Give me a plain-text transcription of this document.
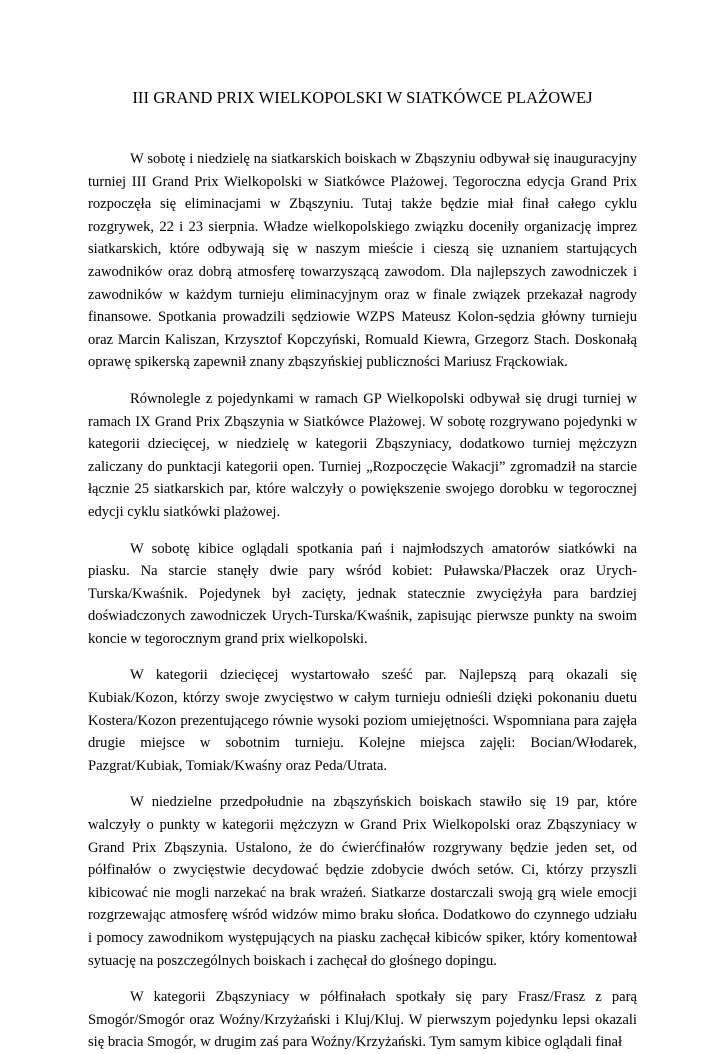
III GRAND PRIX WIELKOPOLSKI W SIATKÓWCE PLAŻOWEJ

W sobotę i niedzielę na siatkarskich boiskach w Zbąszyniu odbywał się inauguracyjny turniej III Grand Prix Wielkopolski w Siatkówce Plażowej. Tegoroczna edycja Grand Prix rozpoczęła się eliminacjami w Zbąszyniu. Tutaj także będzie miał finał całego cyklu rozgrywek, 22 i 23 sierpnia. Władze wielkopolskiego związku doceniły organizację imprez siatkarskich, które odbywają się w naszym mieście i cieszą się uznaniem startujących zawodników oraz dobrą atmosferę towarzyszącą zawodom. Dla najlepszych zawodniczek i zawodników w każdym turnieju eliminacyjnym oraz w finale związek przekazał nagrody finansowe. Spotkania prowadzili sędziowie WZPS Mateusz Kolon-sędzia główny turnieju oraz Marcin Kaliszan, Krzysztof Kopczyński, Romuald Kiewra, Grzegorz Stach. Doskonałą oprawę spikerską zapewnił znany zbąszyńskiej publiczności Mariusz Frąckowiak.

Równolegle z pojedynkami w ramach GP Wielkopolski odbywał się drugi turniej w ramach IX Grand Prix Zbąszynia w Siatkówce Plażowej. W sobotę rozgrywano pojedynki w kategorii dziecięcej, w niedzielę w kategorii Zbąszyniacy, dodatkowo turniej mężczyzn zaliczany do punktacji kategorii open. Turniej „Rozpoczęcie Wakacji” zgromadził na starcie łącznie 25 siatkarskich par, które walczyły o powiększenie swojego dorobku w tegorocznej edycji cyklu siatkówki plażowej.

W sobotę kibice oglądali spotkania pań i najmłodszych amatorów siatkówki na piasku. Na starcie stanęły dwie pary wśród kobiet: Puławska/Płaczek oraz Urych-Turska/Kwaśnik. Pojedynek był zacięty, jednak statecznie zwyciężyła para bardziej doświadczonych zawodniczek Urych-Turska/Kwaśnik, zapisując pierwsze punkty na swoim koncie w tegorocznym grand prix wielkopolski.

W kategorii dziecięcej wystartowało sześć par. Najlepszą parą okazali się Kubiak/Kozon, którzy swoje zwycięstwo w całym turnieju odnieśli dzięki pokonaniu duetu Kostera/Kozon prezentującego równie wysoki poziom umiejętności. Wspomniana para zajęła drugie miejsce w sobotnim turnieju. Kolejne miejsca zajęli: Bocian/Włodarek, Pazgrat/Kubiak, Tomiak/Kwaśny oraz Peda/Utrata.

W niedzielne przedpołudnie na zbąszyńskich boiskach stawiło się 19 par, które walczyły o punkty w kategorii mężczyzn w Grand Prix Wielkopolski oraz Zbąszyniacy w Grand Prix Zbąszynia. Ustalono, że do ćwierćfinałów rozgrywany będzie jeden set, od półfinałów o zwycięstwie decydować będzie zdobycie dwóch setów. Ci, którzy przyszli kibicować nie mogli narzekać na brak wrażeń. Siatkarze dostarczali swoją grą wiele emocji rozgrzewając atmosferę wśród widzów mimo braku słońca. Dodatkowo do czynnego udziału i pomocy zawodnikom występujących na piasku zachęcał kibiców spiker, który komentował sytuację na poszczególnych boiskach i zachęcał do głośnego dopingu.

W kategorii Zbąszyniacy w półfinałach spotkały się pary Frasz/Frasz z parą Smogór/Smogór oraz Woźny/Krzyżański i Kluj/Kluj. W pierwszym pojedynku lepsi okazali się bracia Smogór, w drugim zaś para Woźny/Krzyżański. Tym samym kibice oglądali finał
